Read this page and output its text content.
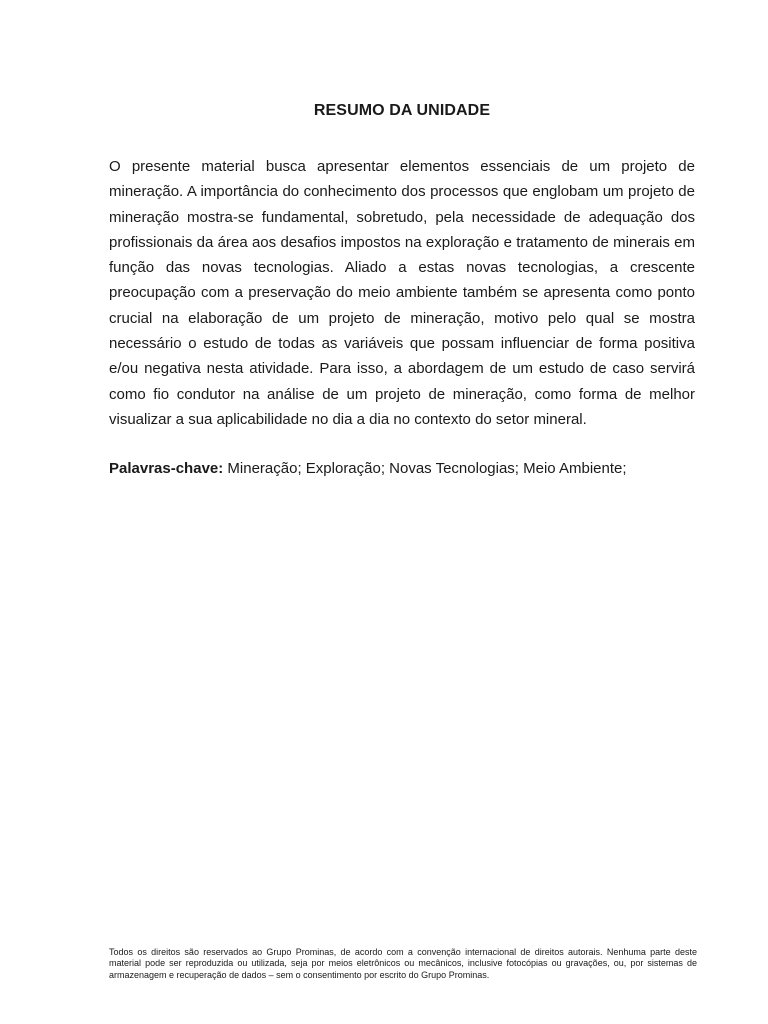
RESUMO DA UNIDADE

O presente material busca apresentar elementos essenciais de um projeto de mineração. A importância do conhecimento dos processos que englobam um projeto de mineração mostra-se fundamental, sobretudo, pela necessidade de adequação dos profissionais da área aos desafios impostos na exploração e tratamento de minerais em função das novas tecnologias. Aliado a estas novas tecnologias, a crescente preocupação com a preservação do meio ambiente também se apresenta como ponto crucial na elaboração de um projeto de mineração, motivo pelo qual se mostra necessário o estudo de todas as variáveis que possam influenciar de forma positiva e/ou negativa nesta atividade. Para isso, a abordagem de um estudo de caso servirá como fio condutor na análise de um projeto de mineração, como forma de melhor visualizar a sua aplicabilidade no dia a dia no contexto do setor mineral.

Palavras-chave: Mineração; Exploração; Novas Tecnologias; Meio Ambiente;

Todos os direitos são reservados ao Grupo Prominas, de acordo com a convenção internacional de direitos autorais. Nenhuma parte deste material pode ser reproduzida ou utilizada, seja por meios eletrônicos ou mecânicos, inclusive fotocópias ou gravações, ou, por sistemas de armazenagem e recuperação de dados – sem o consentimento por escrito do Grupo Prominas.
